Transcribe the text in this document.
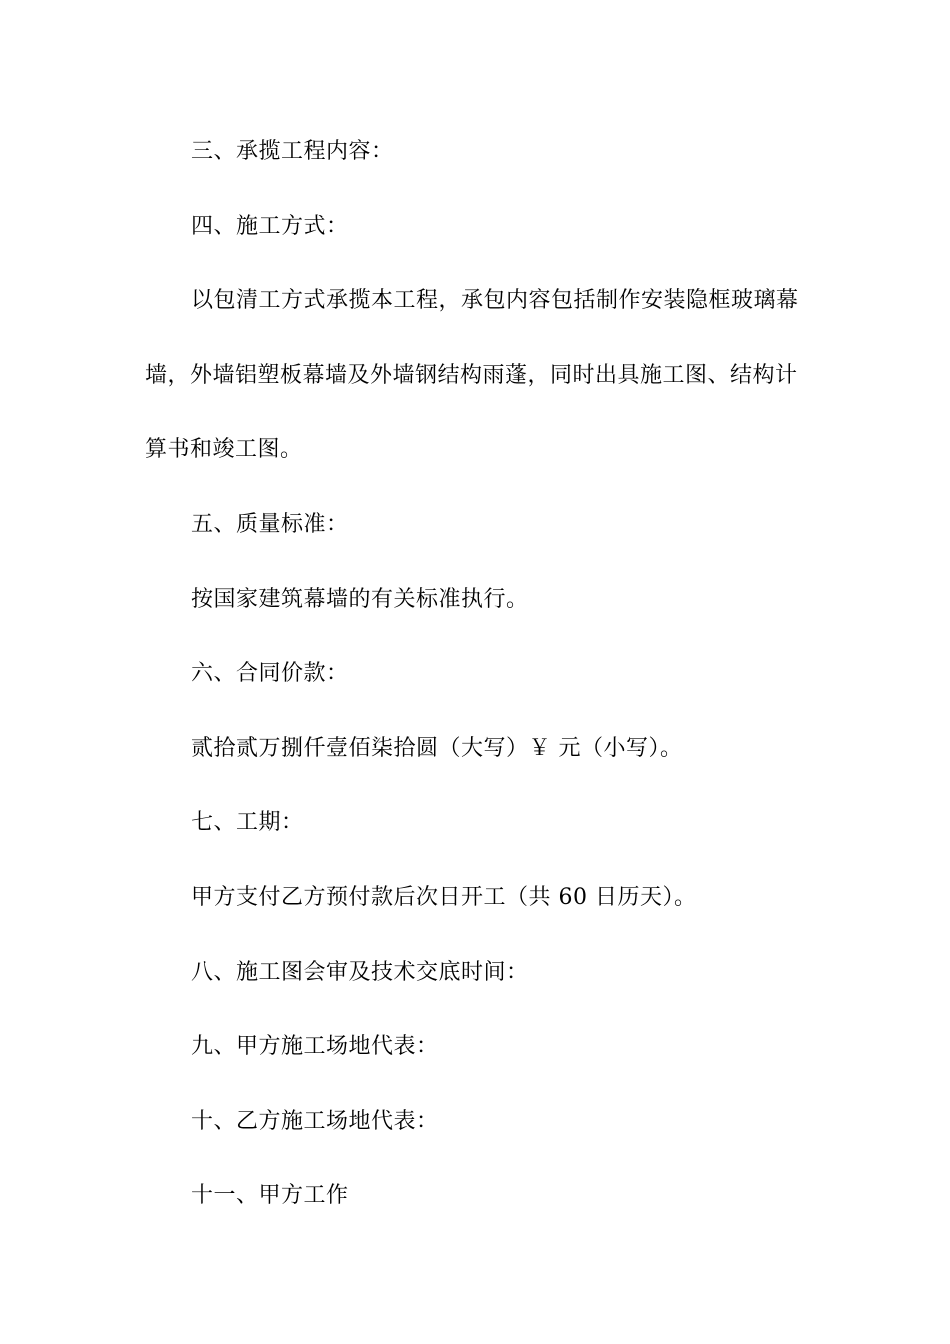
三、承揽工程内容：
四、施工方式：
以包清工方式承揽本工程，承包内容包括制作安装隐框玻璃幕
墙，外墙铝塑板幕墙及外墙钢结构雨蓬，同时出具施工图、结构计
算书和竣工图。
五、质量标准：
按国家建筑幕墙的有关标准执行。
六、合同价款：
贰拾贰万捌仟壹佰柒拾圆（大写）￥ 元（小写）。
七、工期：
甲方支付乙方预付款后次日开工（共 60 日历天）。
八、施工图会审及技术交底时间：
九、甲方施工场地代表：
十、乙方施工场地代表：
十一、甲方工作
